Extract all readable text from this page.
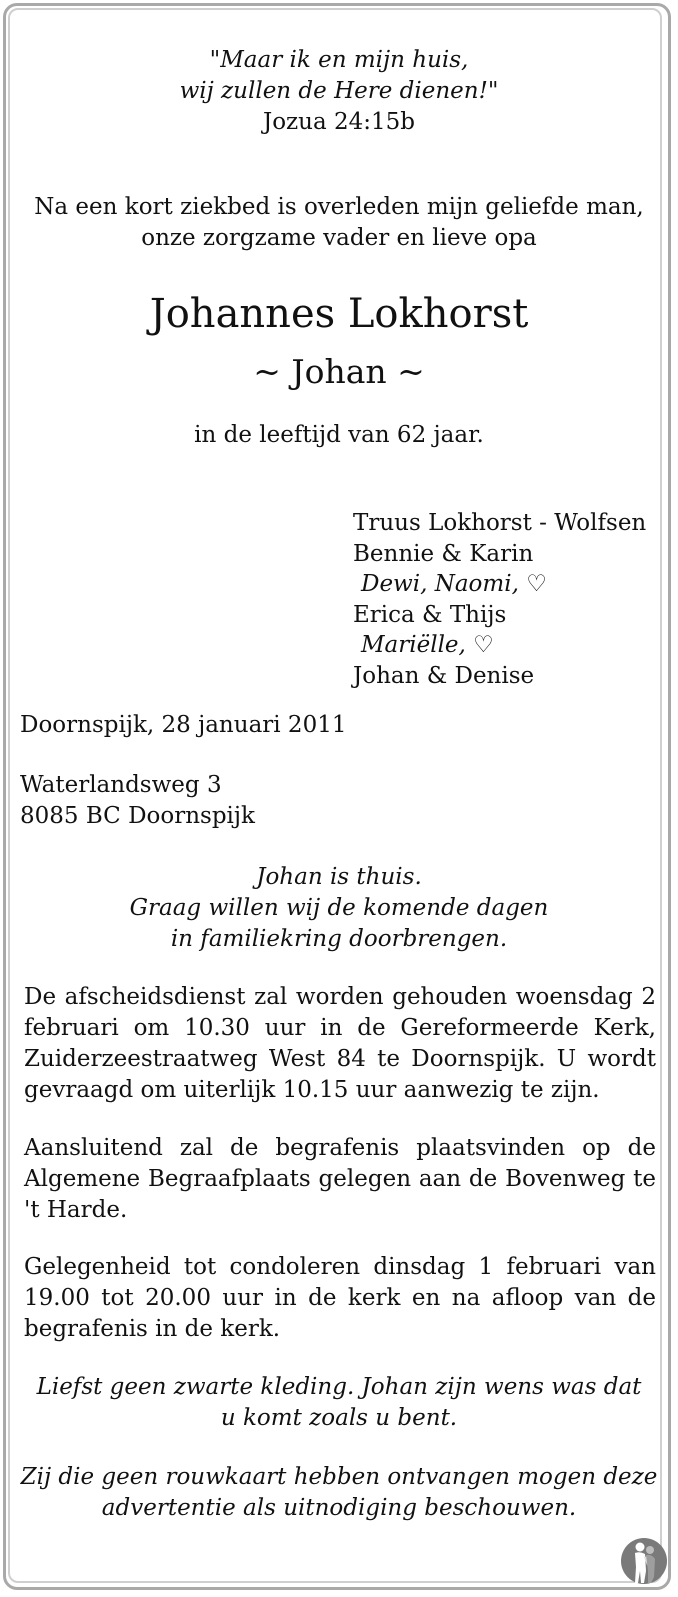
"Maar ik en mijn huis,
wij zullen de Here dienen!"
Jozua 24:15b
Na een kort ziekbed is overleden mijn geliefde man,
onze zorgzame vader en lieve opa
Johannes Lokhorst
~ Johan ~
in de leeftijd van 62 jaar.
Truus Lokhorst - Wolfsen
Bennie & Karin
Dewi, Naomi, ♡
Erica & Thijs
Mariëlle, ♡
Johan & Denise
Doornspijk, 28 januari 2011
Waterlandsweg 3
8085 BC Doornspijk
Johan is thuis.
Graag willen wij de komende dagen
in familiekring doorbrengen.
De afscheidsdienst zal worden gehouden woensdag 2 februari om 10.30 uur in de Gereformeerde Kerk, Zuiderzeestraatweg West 84 te Doornspijk. U wordt gevraagd om uiterlijk 10.15 uur aanwezig te zijn.
Aansluitend zal de begrafenis plaatsvinden op de Algemene Begraafplaats gelegen aan de Bovenweg te 't Harde.
Gelegenheid tot condoleren dinsdag 1 februari van 19.00 tot 20.00 uur in de kerk en na afloop van de begrafenis in de kerk.
Liefst geen zwarte kleding. Johan zijn wens was dat
u komt zoals u bent.
Zij die geen rouwkaart hebben ontvangen mogen deze
advertentie als uitnodiging beschouwen.
